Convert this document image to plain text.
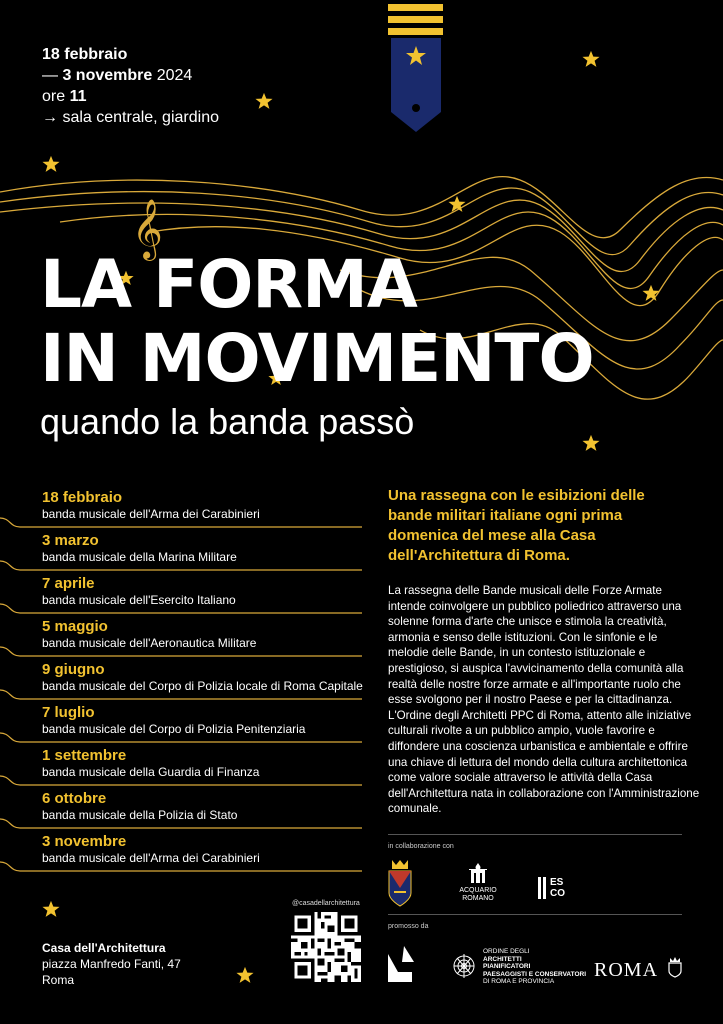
𝄞
18 febbraio
— 3 novembre 2024
ore 11
→ sala centrale, giardino
LA FORMA
IN MOVIMENTO
quando la banda passò
18 febbraio
banda musicale dell'Arma dei Carabinieri
3 marzo
banda musicale della Marina Militare
7 aprile
banda musicale dell'Esercito Italiano
5 maggio
banda musicale dell'Aeronautica Militare
9 giugno
banda musicale del Corpo di Polizia locale di Roma Capitale
7 luglio
banda musicale del Corpo di Polizia Penitenziaria
1 settembre
banda musicale della Guardia di Finanza
6 ottobre
banda musicale della Polizia di Stato
3 novembre
banda musicale dell'Arma dei Carabinieri
Una rassegna con le esibizioni delle bande militari italiane ogni prima domenica del mese alla Casa dell'Architettura di Roma.
La rassegna delle Bande musicali delle Forze Armate intende coinvolgere un pubblico poliedrico attraverso una solenne forma d'arte che unisce e stimola la creatività, armonia e senso delle istituzioni. Con le sinfonie e le melodie delle Bande, in un contesto istituzionale e prestigioso, si auspica l'avvicinamento della comunità alla realtà delle nostre forze armate e all'importante ruolo che esse svolgono per il nostro Paese e per la cittadinanza. L'Ordine degli Architetti PPC di Roma, attento alle iniziative culturali rivolte a un pubblico ampio, vuole favorire e diffondere una coscienza urbanistica e ambientale e offrire una chiave di lettura del mondo della cultura architettonica come valore sociale attraverso le attività della Casa dell'Architettura nata in collaborazione con l'Amministrazione comunale.
in collaborazione con
ACQUARIO
ROMANO
ES
CO
promosso da
ORDINE DEGLI
ARCHITETTI
PIANIFICATORI
PAESAGGISTI E CONSERVATORI
DI ROMA E PROVINCIA
ROMA
@casadellarchitettura
Casa dell'Architettura
piazza Manfredo Fanti, 47
Roma
